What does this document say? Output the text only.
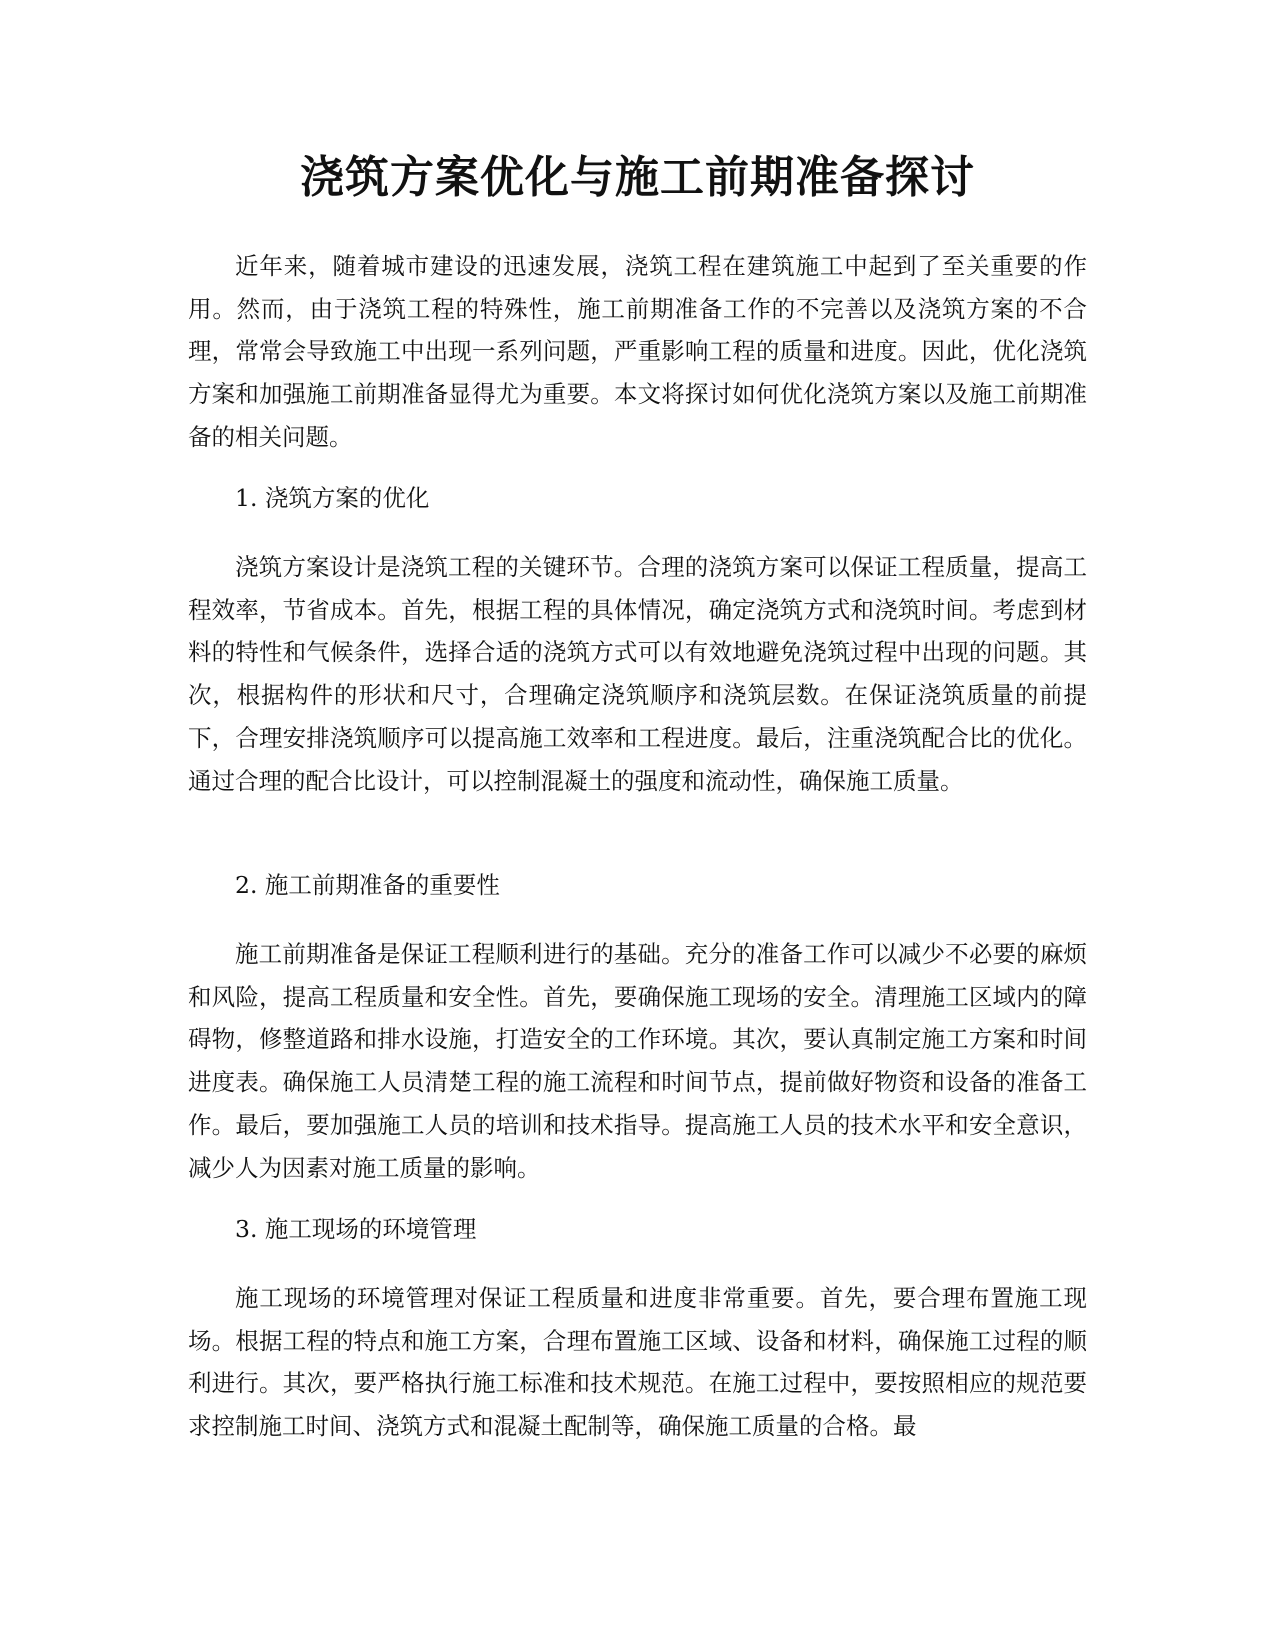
浇筑方案优化与施工前期准备探讨

近年来，随着城市建设的迅速发展，浇筑工程在建筑施工中起到了至关重要的作用。然而，由于浇筑工程的特殊性，施工前期准备工作的不完善以及浇筑方案的不合理，常常会导致施工中出现一系列问题，严重影响工程的质量和进度。因此，优化浇筑方案和加强施工前期准备显得尤为重要。本文将探讨如何优化浇筑方案以及施工前期准备的相关问题。

1. 浇筑方案的优化

浇筑方案设计是浇筑工程的关键环节。合理的浇筑方案可以保证工程质量，提高工程效率，节省成本。首先，根据工程的具体情况，确定浇筑方式和浇筑时间。考虑到材料的特性和气候条件，选择合适的浇筑方式可以有效地避免浇筑过程中出现的问题。其次，根据构件的形状和尺寸，合理确定浇筑顺序和浇筑层数。在保证浇筑质量的前提下，合理安排浇筑顺序可以提高施工效率和工程进度。最后，注重浇筑配合比的优化。通过合理的配合比设计，可以控制混凝土的强度和流动性，确保施工质量。

2. 施工前期准备的重要性

施工前期准备是保证工程顺利进行的基础。充分的准备工作可以减少不必要的麻烦和风险，提高工程质量和安全性。首先，要确保施工现场的安全。清理施工区域内的障碍物，修整道路和排水设施，打造安全的工作环境。其次，要认真制定施工方案和时间进度表。确保施工人员清楚工程的施工流程和时间节点，提前做好物资和设备的准备工作。最后，要加强施工人员的培训和技术指导。提高施工人员的技术水平和安全意识，减少人为因素对施工质量的影响。

3. 施工现场的环境管理

施工现场的环境管理对保证工程质量和进度非常重要。首先，要合理布置施工现场。根据工程的特点和施工方案，合理布置施工区域、设备和材料，确保施工过程的顺利进行。其次，要严格执行施工标准和技术规范。在施工过程中，要按照相应的规范要求控制施工时间、浇筑方式和混凝土配制等，确保施工质量的合格。最
